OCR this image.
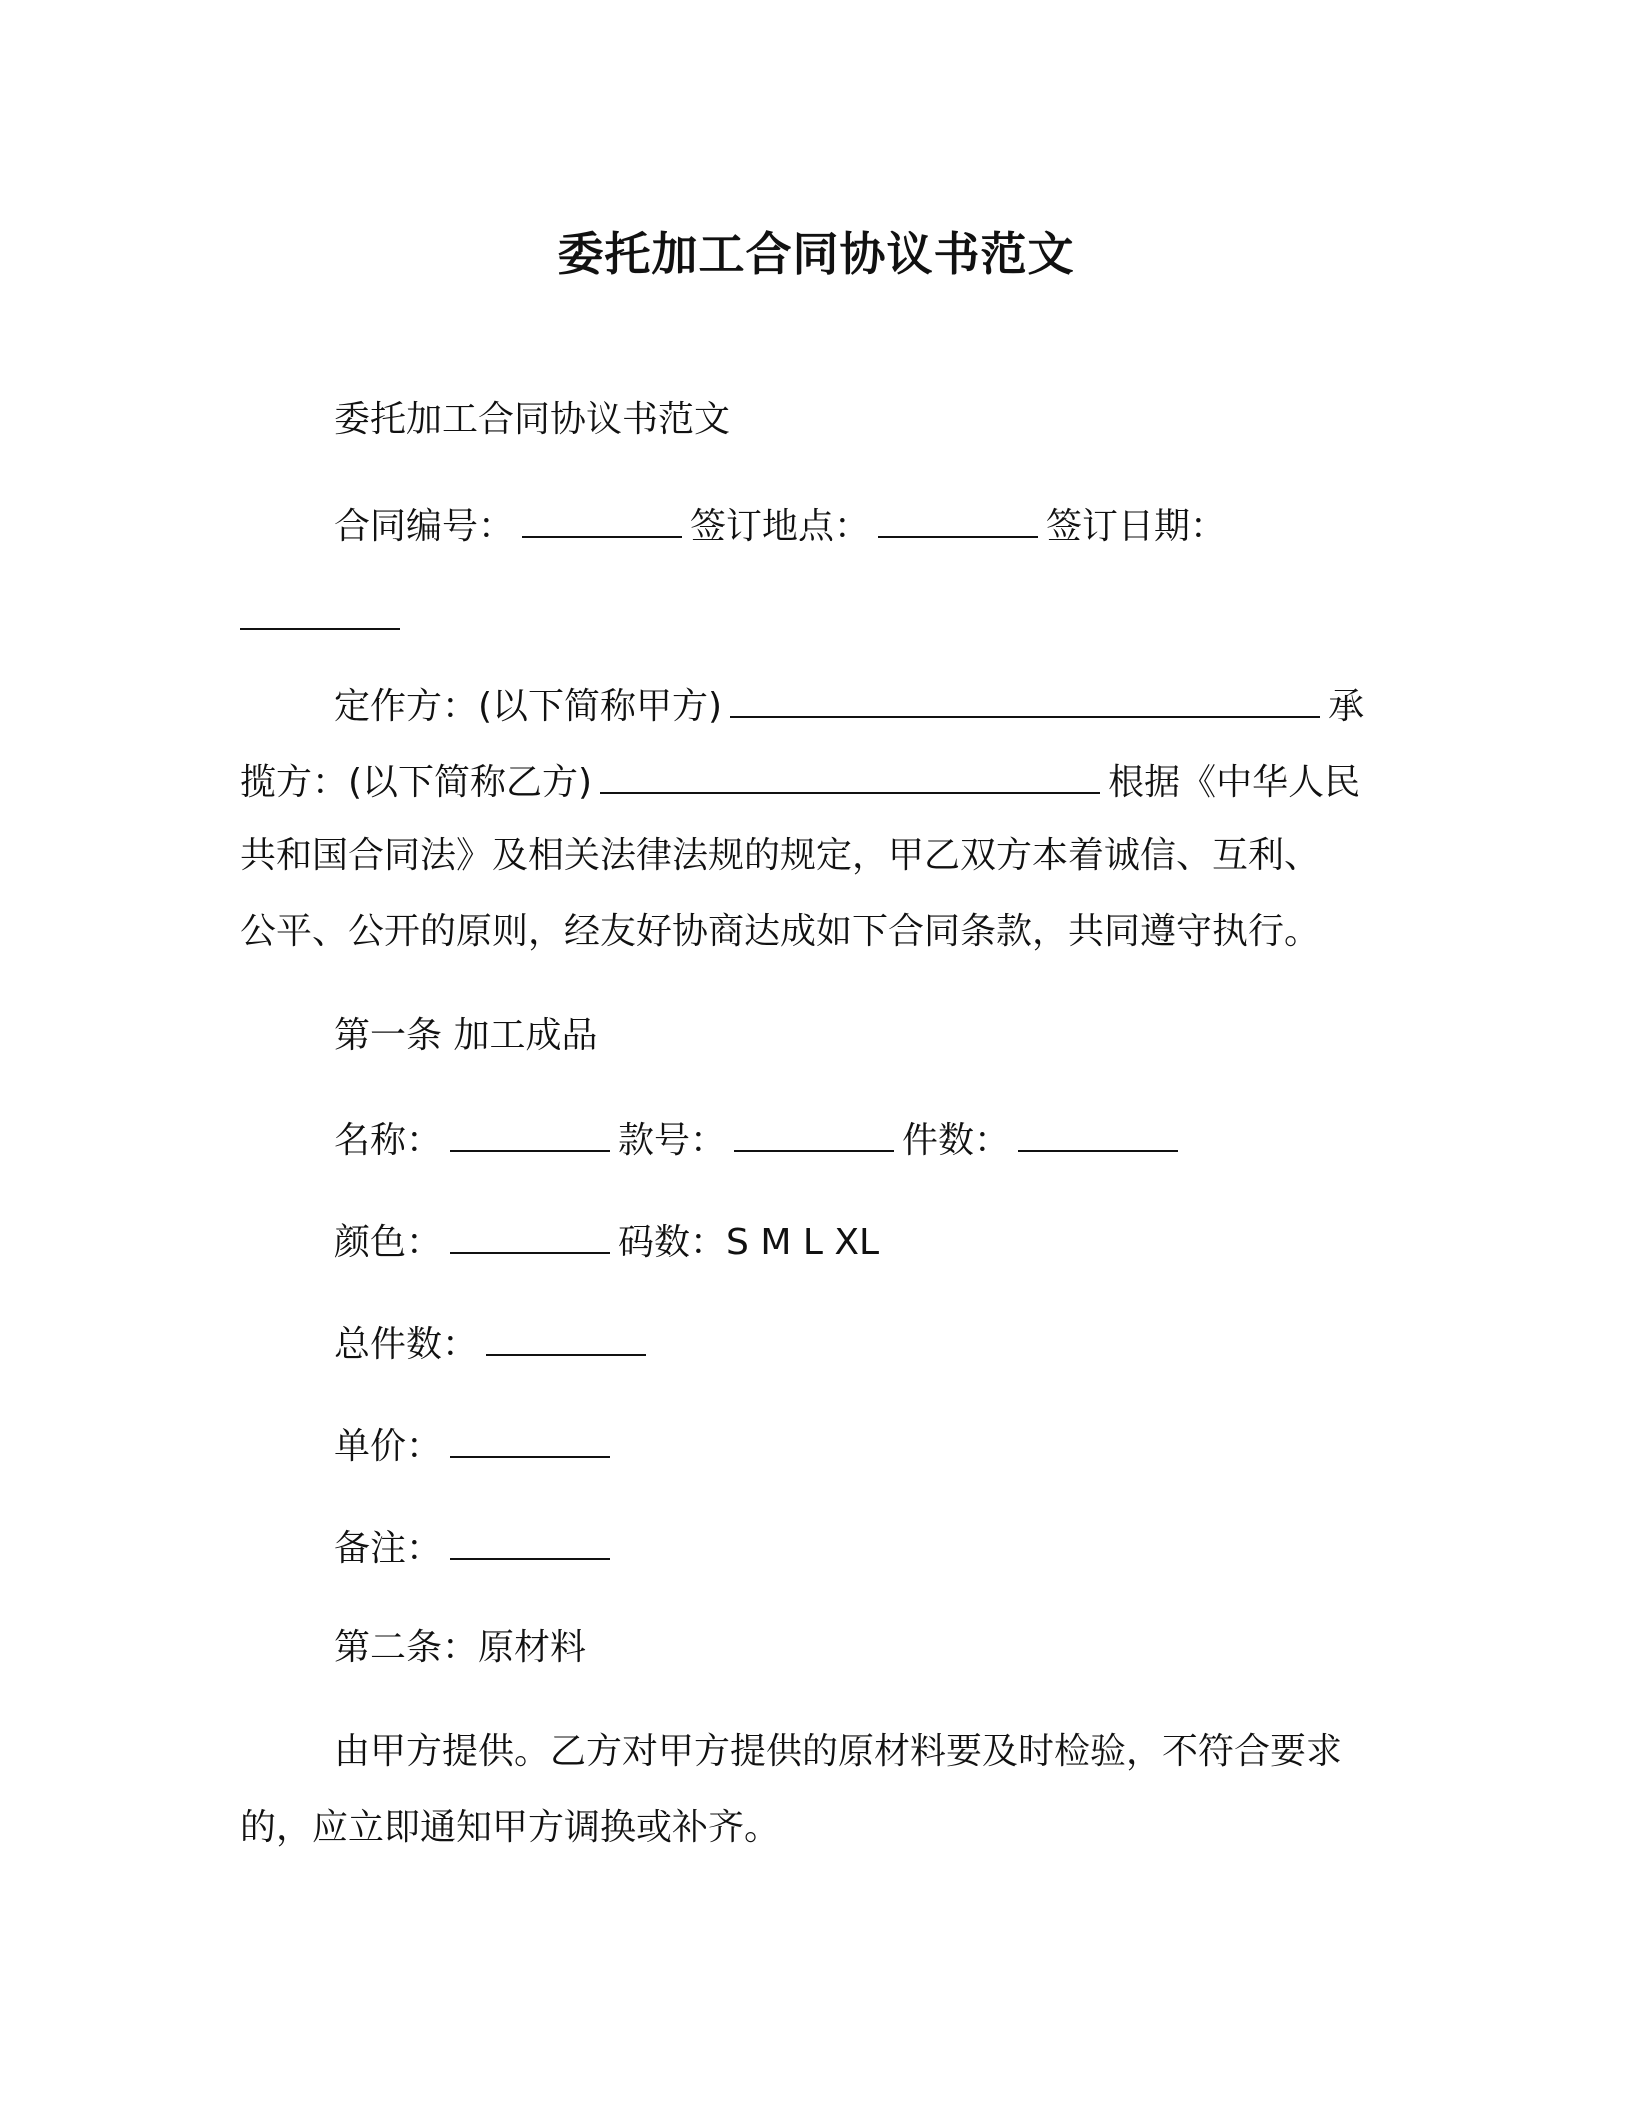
委托加工合同协议书范文
委托加工合同协议书范文
合同编号：	签订地点：	签订日期：
定作方：(以下简称甲方)	承
揽方：(以下简称乙方)	根据《中华人民
共和国合同法》及相关法律法规的规定，甲乙双方本着诚信、互利、
公平、公开的原则，经友好协商达成如下合同条款，共同遵守执行。
第一条 加工成品
名称：	款号：	件数：
颜色：	码数：S M L XL
总件数：
单价：
备注：
第二条：原材料
由甲方提供。乙方对甲方提供的原材料要及时检验，不符合要求
的，应立即通知甲方调换或补齐。
